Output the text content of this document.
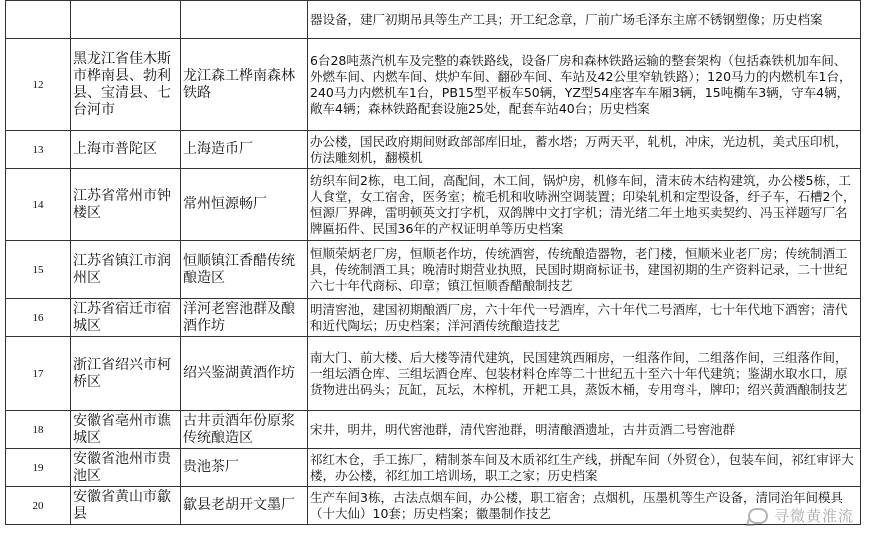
			器设备，建厂初期吊具等生产工具；开工纪念章，厂前广场毛泽东主席不锈钢塑像；历史档案
12	黑龙江省佳木斯市桦南县、勃利县、宝清县、七台河市	龙江森工桦南森林铁路	6台28吨蒸汽机车及完整的森铁路线，设备厂房和森林铁路运输的整套架构（包括森铁机加车间、外燃车间、内燃车间、烘炉车间、翻砂车间、车站及42公里窄轨铁路）；120马力的内燃机车1台，240马力内燃机车1台，PB15型平板车50辆，YZ型54座客车车厢3辆，15吨椭车3辆，守车4辆，敞车4辆；森林铁路配套设施25处，配套车站40台；历史档案
13	上海市普陀区	上海造币厂	办公楼，国民政府期间财政部部库旧址，蓄水塔；万两天平，轧机，冲床，光边机，美式压印机，仿法雕刻机，翻模机
14	江苏省常州市钟楼区	常州恒源畅厂	纺织车间2栋，电工间，高配间，木工间，锅炉房，机修车间，清末砖木结构建筑，办公楼5栋，工人食堂，女工宿舍，医务室；梳毛机和收哧洲空调装置；印染轧机和定型设备，纡子车，石槽2个，恒源厂界碑，雷明顿英文打字机，双鸽牌中文打字机；清光绪二年土地买卖契约、冯玉祥题写厂名牌匾拓件、民国36年的产权证明单等历史档案
15	江苏省镇江市润州区	恒顺镇江香醋传统酿造区	恒顺荣炳老厂房，恒顺老作坊，传统酒窖，传统酿造器物，老门楼，恒顺米业老厂房；传统制酒工具，传统制酒工具；晚清时期营业执照，民国时期商标证书，建国初期的生产资料记录，二十世纪六七十年代商标、印章；镇江恒顺香醋酿制技艺
16	江苏省宿迁市宿城区	洋河老窖池群及酿酒作坊	明清窖池，建国初期酿酒厂房，六十年代一号酒库，六十年代二号酒库，七十年代地下酒窖；清代和近代陶坛；历史档案；洋河酒传统酿造技艺
17	浙江省绍兴市柯桥区	绍兴鉴湖黄酒作坊	南大门、前大楼、后大楼等清代建筑，民国建筑西厢房，一组落作间，二组落作间，三组落作间，一组坛酒仓库、三组坛酒仓库、包装材料仓库等二十世纪五十至六十年代建筑；鉴湖水取水口，原货物进出码头；瓦缸，瓦坛，木榨机，开耙工具，蒸饭木桶，专用弯斗，牌印；绍兴黄酒酿制技艺
18	安徽省亳州市谯城区	古井贡酒年份原浆传统酿造区	宋井，明井，明代窖池群，清代窖池群，明清酿酒遗址，古井贡酒二号窖池群
19	安徽省池州市贵池区	贵池茶厂	祁红木仓，手工拣厂，精制茶车间及木质祁红生产线，拼配车间（外贸仓），包装车间，祁红审评大楼，办公楼，祁红加工培训场，职工之家；历史档案
20	安徽省黄山市歙县	歙县老胡开文墨厂	生产车间3栋，古法点烟车间，办公楼，职工宿舍；点烟机，压墨机等生产设备，清同治年间模具（十大仙）10套；历史档案；徽墨制作技艺	寻微黄淮流
